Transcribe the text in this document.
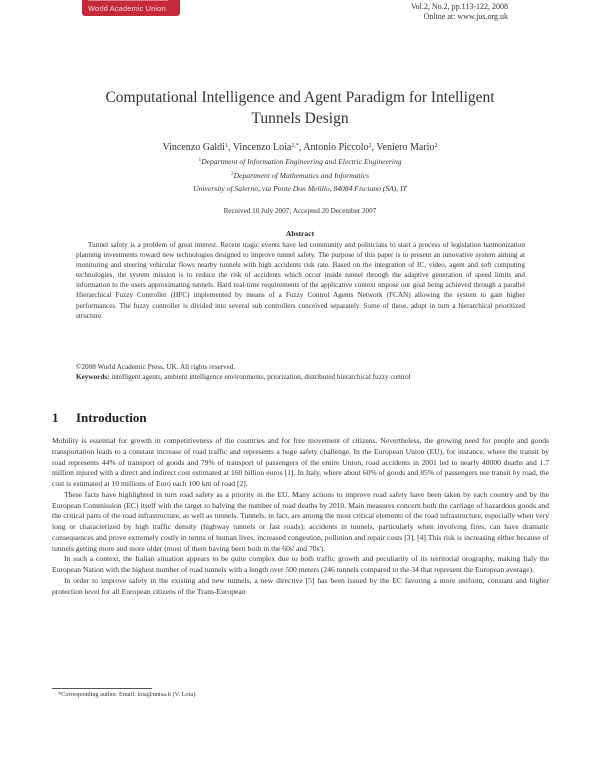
World Academic Union	Vol.2, No.2, pp.113-122, 2008
Online at: www.jus.org.uk
Computational Intelligence and Agent Paradigm for Intelligent
Tunnels Design
Vincenzo Galdi$^1$, Vincenzo Loia$^{2,*}$, Antonio Piccolo$^2$, Veniero Mario$^2$
$^1$Department of Information Engineering and Electric Engineering
$^2$Department of Mathematics and Informatics
University of Salerno, via Ponte Don Melillo, 84084 Fisciano (SA), IT
Received 10 July 2007; Accepted 20 December 2007
Abstract
Tunnel safety is a problem of great interest. Recent tragic events have led community and politicians to start a process of legislation harmonization planning investments toward new technologies designed to improve tunnel safety. The purpose of this paper is to present an innovative system aiming at monitoring and steering vehicular flows nearby tunnels with high accidents risk rate. Based on the integration of IC, video, agent and soft computing technologies, the system mission is to reduce the risk of accidents which occur inside tunnel through the adaptive generation of speed limits and information to the users approximating tunnels. Hard real-time requirements of the applicative context impose our goal being achieved through a parallel Hierarchical Fuzzy Controller (HFC) implemented by means of a Fuzzy Control Agents Network (FCAN) allowing the system to gain higher performances. The fuzzy controller is divided into several sub controllers conceived separately. Some of these, adopt in turn a hierarchical prioritized structure.
©2008 World Academic Press, UK. All rights reserved.
Keywords: intelligent agents, ambient intelligence environments, priorization, distributed hierarchical fuzzy control
1 Introduction

Mobility is essential for growth in competitiveness of the countries and for free movement of citizens. Nevertheless, the growing need for people and goods transportation leads to a constant increase of road traffic and represents a huge safety challenge. In the European Union (EU), for instance, where the transit by road represents 44% of transport of goods and 79% of transport of passengers of the entire Union, road accidents in 2001 led to nearly 40000 deaths and 1.7 million injured with a direct and indirect cost estimated at 160 billion euros [1]. In Italy, where about 60% of goods and 85% of passengers use transit by road, the cost is estimated at 10 millions of Euro each 100 km of road [2].

These facts have highlighted in turn road safety as a priority in the EU. Many actions to improve road safety have been taken by each country and by the European Commission (EC) itself with the target to halving the number of road deaths by 2010. Main measures concern both the carriage of hazardous goods and the critical parts of the road infrastructure, as well as tunnels. Tunnels, in fact, are among the most critical elements of the road infrastructure, especially when very long or characterized by high traffic density (highway tunnels or fast roads): accidents in tunnels, particularly when involving fires, can have dramatic consequences and prove extremely costly in terms of human lives, increased congestion, pollution and repair costs [3], [4].This risk is increasing either because of tunnels getting more and more older (most of them having been built in the 60s' and 70s').

In such a context, the Italian situation appears to be quite complex due to both traffic growth and peculiarity of its territorial orography, making Italy the European Nation with the highest number of road tunnels with a length over 500 meters (246 tunnels compared to the 34 that represent the European average).

In order to improve safety in the existing and new tunnels, a new directive [5] has been issued by the EC favoring a more uniform, constant and higher protection level for all European citizens of the Trans-European

*Corresponding author. Email: loia@unisa.it (V. Loia).
